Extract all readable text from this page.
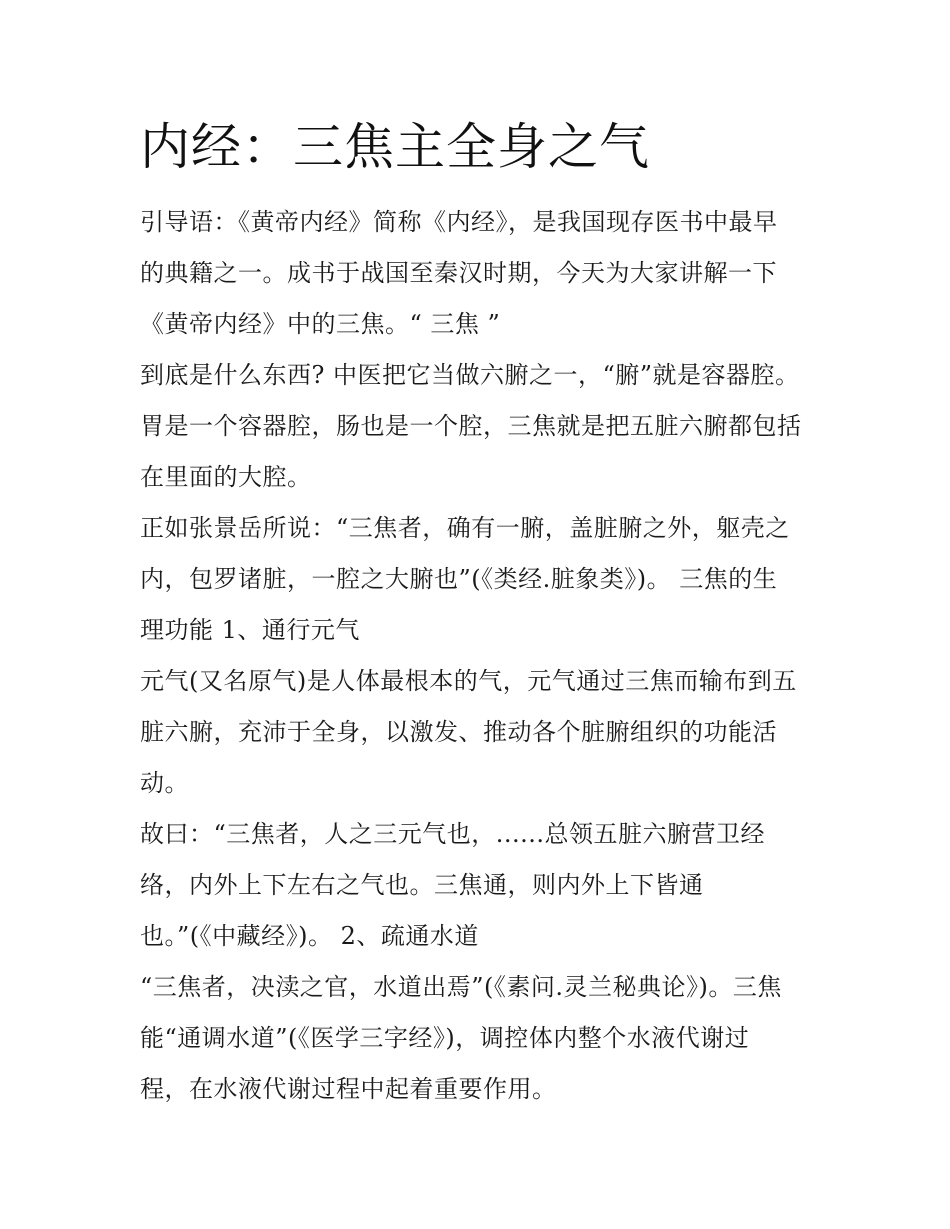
内经：三焦主全身之气
引导语：《黄帝内经》简称《内经》，是我国现存医书中最早
的典籍之一。成书于战国至秦汉时期，今天为大家讲解一下
《黄帝内经》中的三焦。“ 三焦 ”
到底是什么东西? 中医把它当做六腑之一，“腑”就是容器腔。
胃是一个容器腔，肠也是一个腔，三焦就是把五脏六腑都包括
在里面的大腔。
正如张景岳所说：“三焦者，确有一腑，盖脏腑之外，躯壳之
内，包罗诸脏，一腔之大腑也”(《类经.脏象类》)。 三焦的生
理功能 1、通行元气
元气(又名原气)是人体最根本的气，元气通过三焦而输布到五
脏六腑，充沛于全身，以激发、推动各个脏腑组织的功能活
动。
故曰：“三焦者，人之三元气也，......总领五脏六腑营卫经
络，内外上下左右之气也。三焦通，则内外上下皆通
也。”(《中藏经》)。 2、疏通水道
“三焦者，决渎之官，水道出焉”(《素问.灵兰秘典论》)。三焦
能“通调水道”(《医学三字经》)，调控体内整个水液代谢过
程，在水液代谢过程中起着重要作用。
